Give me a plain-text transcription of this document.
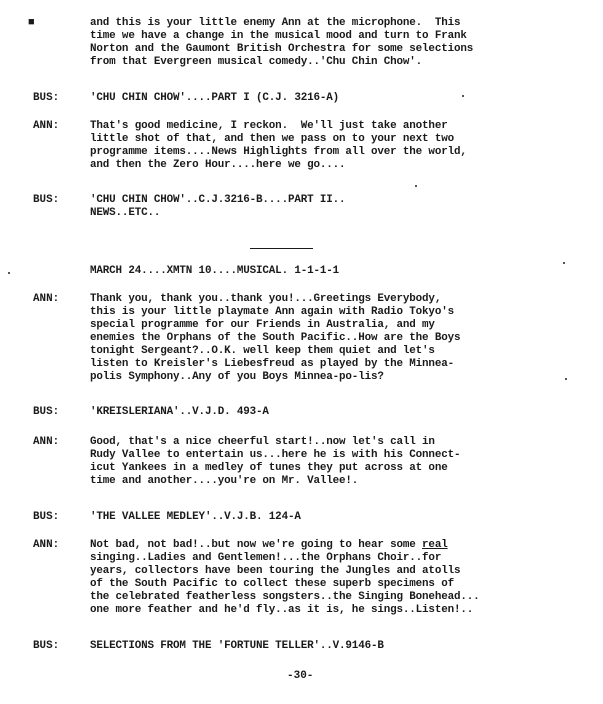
■	and this is your little enemy Ann at the microphone.  This
time we have a change in the musical mood and turn to Frank
Norton and the Gaumont British Orchestra for some selections
from that Evergreen musical comedy..'Chu Chin Chow'.
BUS:	'CHU CHIN CHOW'....PART I (C.J. 3216-A)
ANN:	That's good medicine, I reckon.  We'll just take another
little shot of that, and then we pass on to your next two
programme items....News Highlights from all over the world,
and then the Zero Hour....here we go....
BUS:	'CHU CHIN CHOW'..C.J.3216-B....PART II..
NEWS..ETC..
MARCH 24....XMTN 10....MUSICAL. 1-1-1-1
ANN:	Thank you, thank you..thank you!...Greetings Everybody,
this is your little playmate Ann again with Radio Tokyo's
special programme for our Friends in Australia, and my
enemies the Orphans of the South Pacific..How are the Boys
tonight Sergeant?..O.K. well keep them quiet and let's
listen to Kreisler's Liebesfreud as played by the Minnea-
polis Symphony..Any of you Boys Minnea-po-lis?
BUS:	'KREISLERIANA'..V.J.D. 493-A
ANN:	Good, that's a nice cheerful start!..now let's call in
Rudy Vallee to entertain us...here he is with his Connect-
icut Yankees in a medley of tunes they put across at one
time and another....you're on Mr. Vallee!.
BUS:	'THE VALLEE MEDLEY'..V.J.B. 124-A
ANN:	Not bad, not bad!..but now we're going to hear some real
singing..Ladies and Gentlemen!...the Orphans Choir..for
years, collectors have been touring the Jungles and atolls
of the South Pacific to collect these superb specimens of
the celebrated featherless songsters..the Singing Bonehead...
one more feather and he'd fly..as it is, he sings..Listen!..
BUS:	SELECTIONS FROM THE 'FORTUNE TELLER'..V.9146-B
-30-
